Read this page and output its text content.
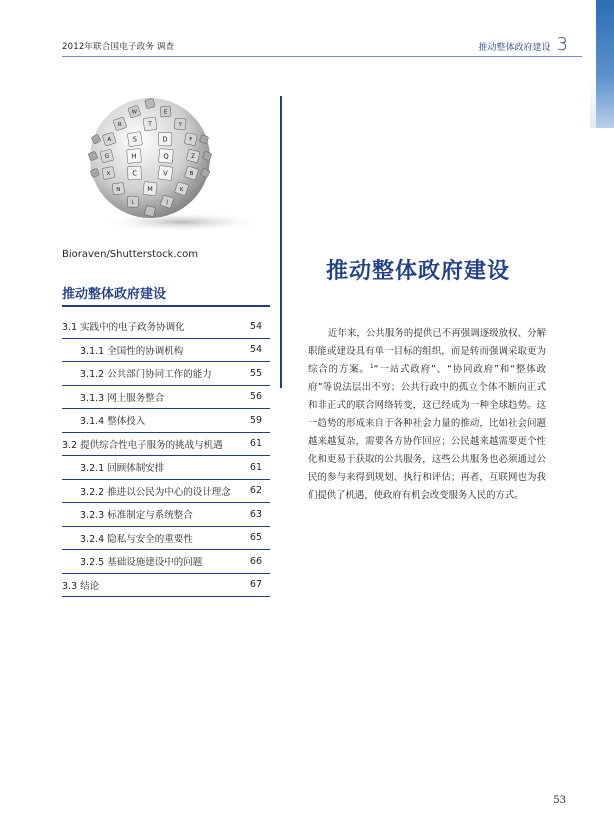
2012年联合国电子政务 调查	推动整体政府建设 3
W	E
R	T	Y
A	S	D	F
G	H	Q	Z
X	C	V	B
N	M	K
L	J
Bioraven/Shutterstock.com
推动整体政府建设
3.1 实践中的电子政务协调化	54
3.1.1 全国性的协调机构	54
3.1.2 公共部门协同工作的能力	55
3.1.3 网上服务整合	56
3.1.4 整体投入	59
3.2 提供综合性电子服务的挑战与机遇	61
3.2.1 回顾体制安排	61
3.2.2 推进以公民为中心的设计理念 62
3.2.3 标准制定与系统整合	63
3.2.4 隐私与安全的重要性	65
3.2.5 基础设施建设中的问题	66
3.3 结论	67
推动整体政府建设

近年来，公共服务的提供已不再强调逐级放权、分解职能或建设具有单一目标的组织，而是转而强调采取更为综合的方案。$^1$“一站式政府”、“协同政府”和“整体政府”等说法层出不穷；公共行政中的孤立个体不断向正式和非正式的联合网络转变，这已经成为一种全球趋势。这一趋势的形成来自于各种社会力量的推动，比如社会问题越来越复杂，需要各方协作回应；公民越来越需要更个性化和更易于获取的公共服务，这些公共服务也必须通过公民的参与来得到规划、执行和评估；再者，互联网也为我们提供了机遇，使政府有机会改变服务人民的方式。

53
